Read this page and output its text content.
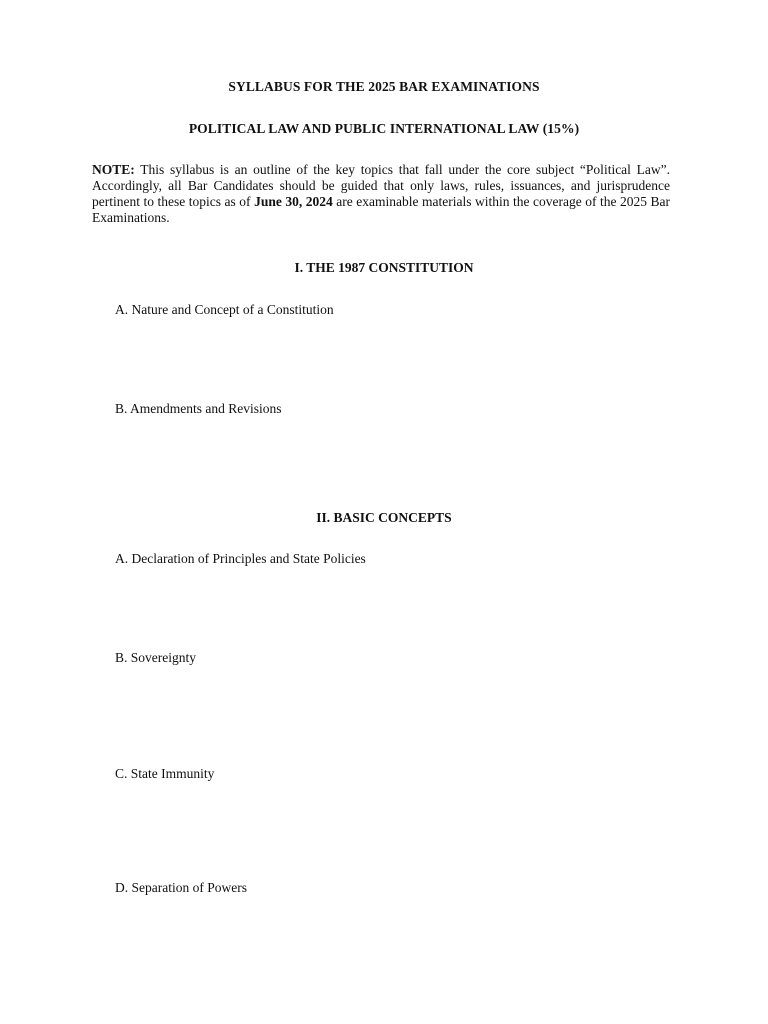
SYLLABUS FOR THE 2025 BAR EXAMINATIONS
POLITICAL LAW AND PUBLIC INTERNATIONAL LAW (15%)
NOTE: This syllabus is an outline of the key topics that fall under the core subject “Political Law”. Accordingly, all Bar Candidates should be guided that only laws, rules, issuances, and jurisprudence pertinent to these topics as of June 30, 2024 are examinable materials within the coverage of the 2025 Bar Examinations.
I. THE 1987 CONSTITUTION
A. Nature and Concept of a Constitution
B. Amendments and Revisions
II. BASIC CONCEPTS
A. Declaration of Principles and State Policies
B. Sovereignty
C. State Immunity
D. Separation of Powers
